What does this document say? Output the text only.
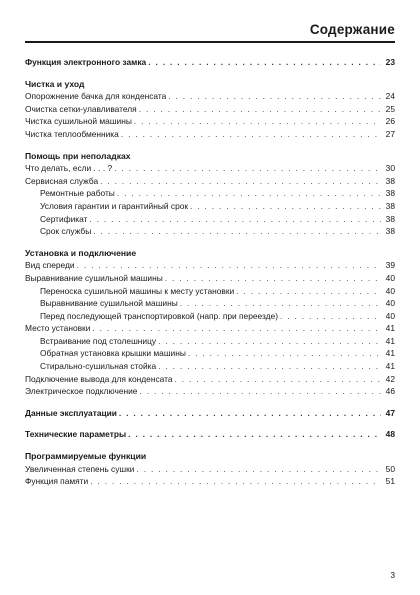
Содержание
Функция электронного замка . . .	23
Чистка и уход
Опорожнение бачка для конденсата . . .	24
Очистка сетки-улавливателя . . .	25
Чистка сушильной машины . . .	26
Чистка теплообменника . . .	27
Помощь при неполадках
Что делать, если . . . ? . . .	30
Сервисная служба . . .	38
Ремонтные работы . . .	38
Условия гарантии и гарантийный срок . . .	38
Сертификат . . .	38
Срок службы . . .	38
Установка и подключение
Вид спереди . . .	39
Выравнивание сушильной машины . . .	40
Переноска сушильной машины к месту установки . . .	40
Выравнивание сушильной машины . . .	40
Перед последующей транспортировкой (напр. при переезде) . . .	40
Место установки . . .	41
Встраивание под столешницу . . .	41
Обратная установка крышки машины . . .	41
Стирально-сушильная стойка . . .	41
Подключение вывода для конденсата . . .	42
Электрическое подключение . . .	46
Данные эксплуатации . . .	47
Технические параметры . . .	48
Программируемые функции
Увеличенная степень сушки . . .	50
Функция памяти . . .	51
3
